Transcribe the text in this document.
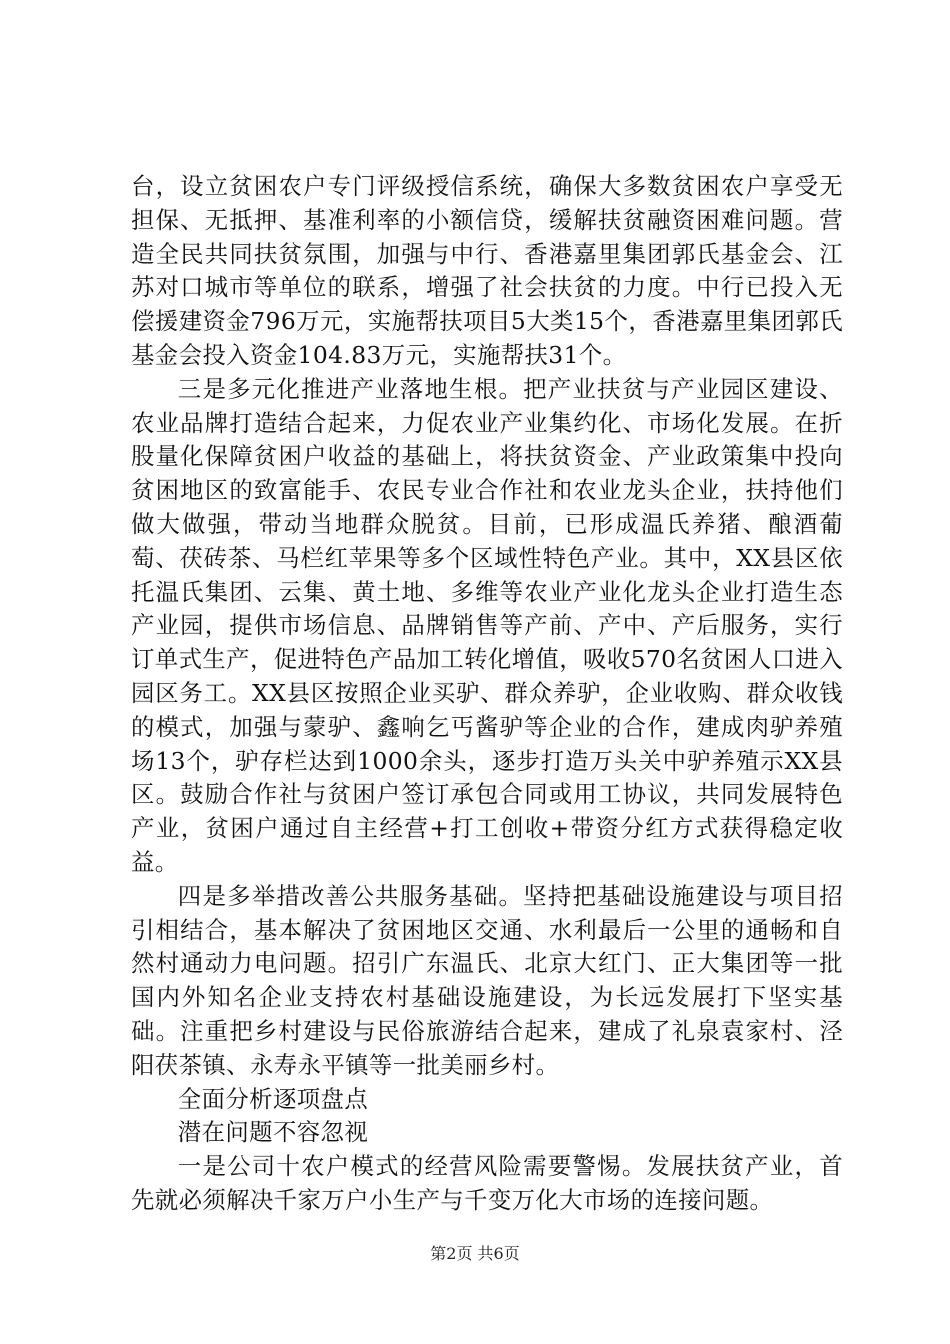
台，设立贫困农户专门评级授信系统，确保大多数贫困农户享受无担保、无抵押、基准利率的小额信贷，缓解扶贫融资困难问题。营造全民共同扶贫氛围，加强与中行、香港嘉里集团郭氏基金会、江苏对口城市等单位的联系，增强了社会扶贫的力度。中行已投入无偿援建资金796万元，实施帮扶项目5大类15个，香港嘉里集团郭氏基金会投入资金104.83万元，实施帮扶31个。

三是多元化推进产业落地生根。把产业扶贫与产业园区建设、农业品牌打造结合起来，力促农业产业集约化、市场化发展。在折股量化保障贫困户收益的基础上，将扶贫资金、产业政策集中投向贫困地区的致富能手、农民专业合作社和农业龙头企业，扶持他们做大做强，带动当地群众脱贫。目前，已形成温氏养猪、酿酒葡萄、茯砖茶、马栏红苹果等多个区域性特色产业。其中，XX县区依托温氏集团、云集、黄土地、多维等农业产业化龙头企业打造生态产业园，提供市场信息、品牌销售等产前、产中、产后服务，实行订单式生产，促进特色产品加工转化增值，吸收570名贫困人口进入园区务工。XX县区按照企业买驴、群众养驴，企业收购、群众收钱的模式，加强与蒙驴、鑫响乞丐酱驴等企业的合作，建成肉驴养殖场13个，驴存栏达到1000余头，逐步打造万头关中驴养殖示XX县区。鼓励合作社与贫困户签订承包合同或用工协议，共同发展特色产业，贫困户通过自主经营+打工创收+带资分红方式获得稳定收益。

四是多举措改善公共服务基础。坚持把基础设施建设与项目招引相结合，基本解决了贫困地区交通、水利最后一公里的通畅和自然村通动力电问题。招引广东温氏、北京大红门、正大集团等一批国内外知名企业支持农村基础设施建设，为长远发展打下坚实基础。注重把乡村建设与民俗旅游结合起来，建成了礼泉袁家村、泾阳茯茶镇、永寿永平镇等一批美丽乡村。

全面分析逐项盘点

潜在问题不容忽视

一是公司十农户模式的经营风险需要警惕。发展扶贫产业，首先就必须解决千家万户小生产与千变万化大市场的连接问题。

第2页 共6页
